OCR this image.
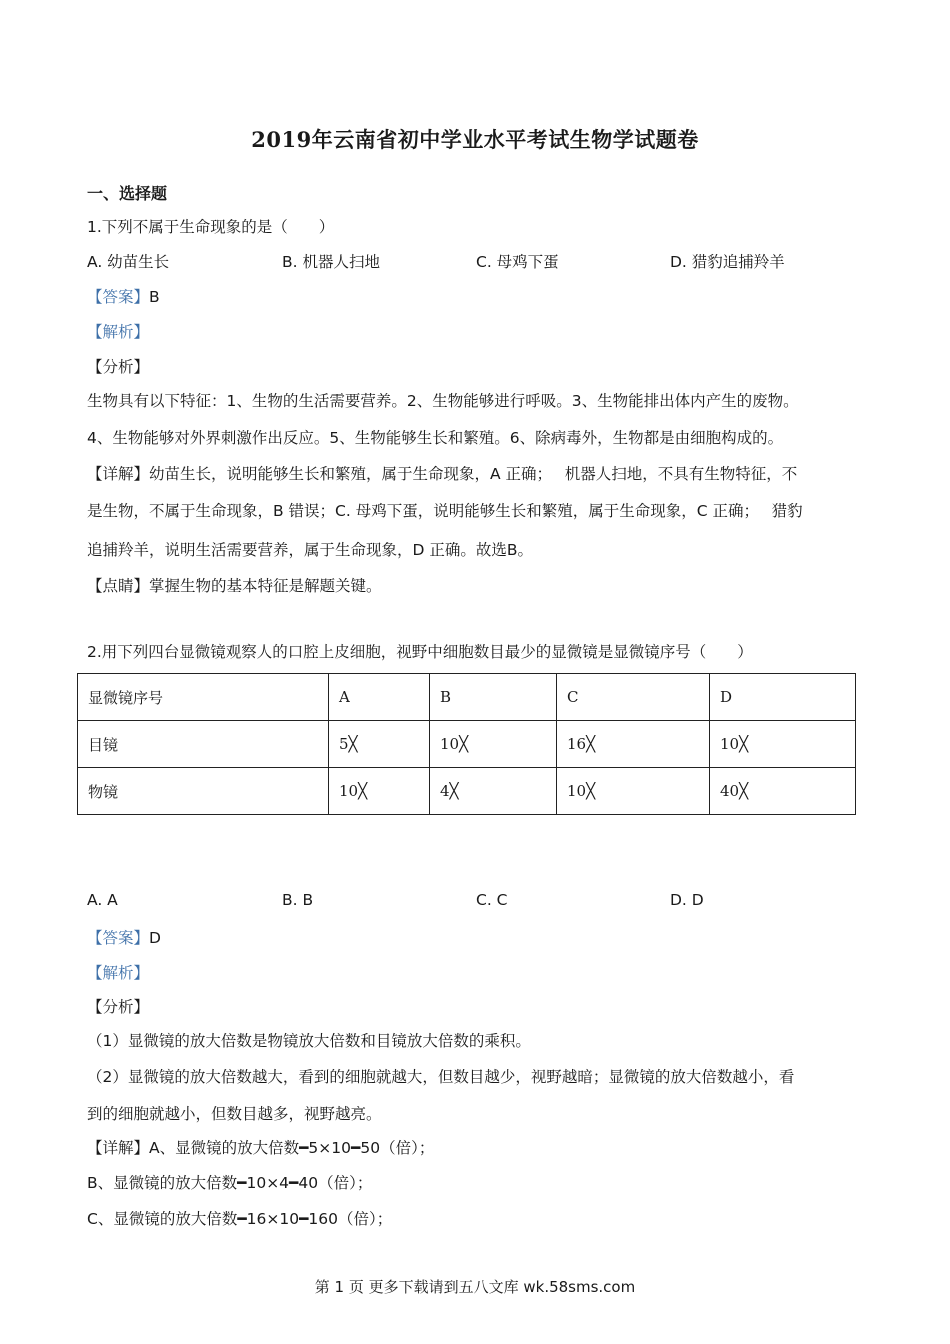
2019年云南省初中学业水平考试生物学试题卷
一、选择题
1.下列不属于生命现象的是（　　）
A. 幼苗生长	B. 机器人扫地	C. 母鸡下蛋	D. 猎豹追捕羚羊
【答案】B
【解析】
【分析】
生物具有以下特征：1、生物的生活需要营养。2、生物能够进行呼吸。3、生物能排出体内产生的废物。
4、生物能够对外界刺激作出反应。5、生物能够生长和繁殖。6、除病毒外，生物都是由细胞构成的。
【详解】幼苗生长，说明能够生长和繁殖，属于生命现象，A 正确；　 机器人扫地，不具有生物特征，不
是生物，不属于生命现象，B 错误；C. 母鸡下蛋，说明能够生长和繁殖，属于生命现象，C 正确；　 猎豹
追捕羚羊，说明生活需要营养，属于生命现象，D 正确。故选B。
【点睛】掌握生物的基本特征是解题关键。
2.用下列四台显微镜观察人的口腔上皮细胞，视野中细胞数目最少的显微镜是显微镜序号（　　）
显微镜序号	A	B	C	D
目镜	5╳	10╳	16╳	10╳
物镜	10╳	4╳	10╳	40╳
A. A	B. B	C. C	D. D
【答案】D
【解析】
【分析】
（1）显微镜的放大倍数是物镜放大倍数和目镜放大倍数的乘积。
（2）显微镜的放大倍数越大，看到的细胞就越大，但数目越少，视野越暗；显微镜的放大倍数越小，看
到的细胞就越小，但数目越多，视野越亮。
【详解】A、显微镜的放大倍数━5×10━50（倍）；
B、显微镜的放大倍数━10×4━40（倍）；
C、显微镜的放大倍数━16×10━160（倍）；
第 1 页 更多下载请到五八文库 wk.58sms.com
